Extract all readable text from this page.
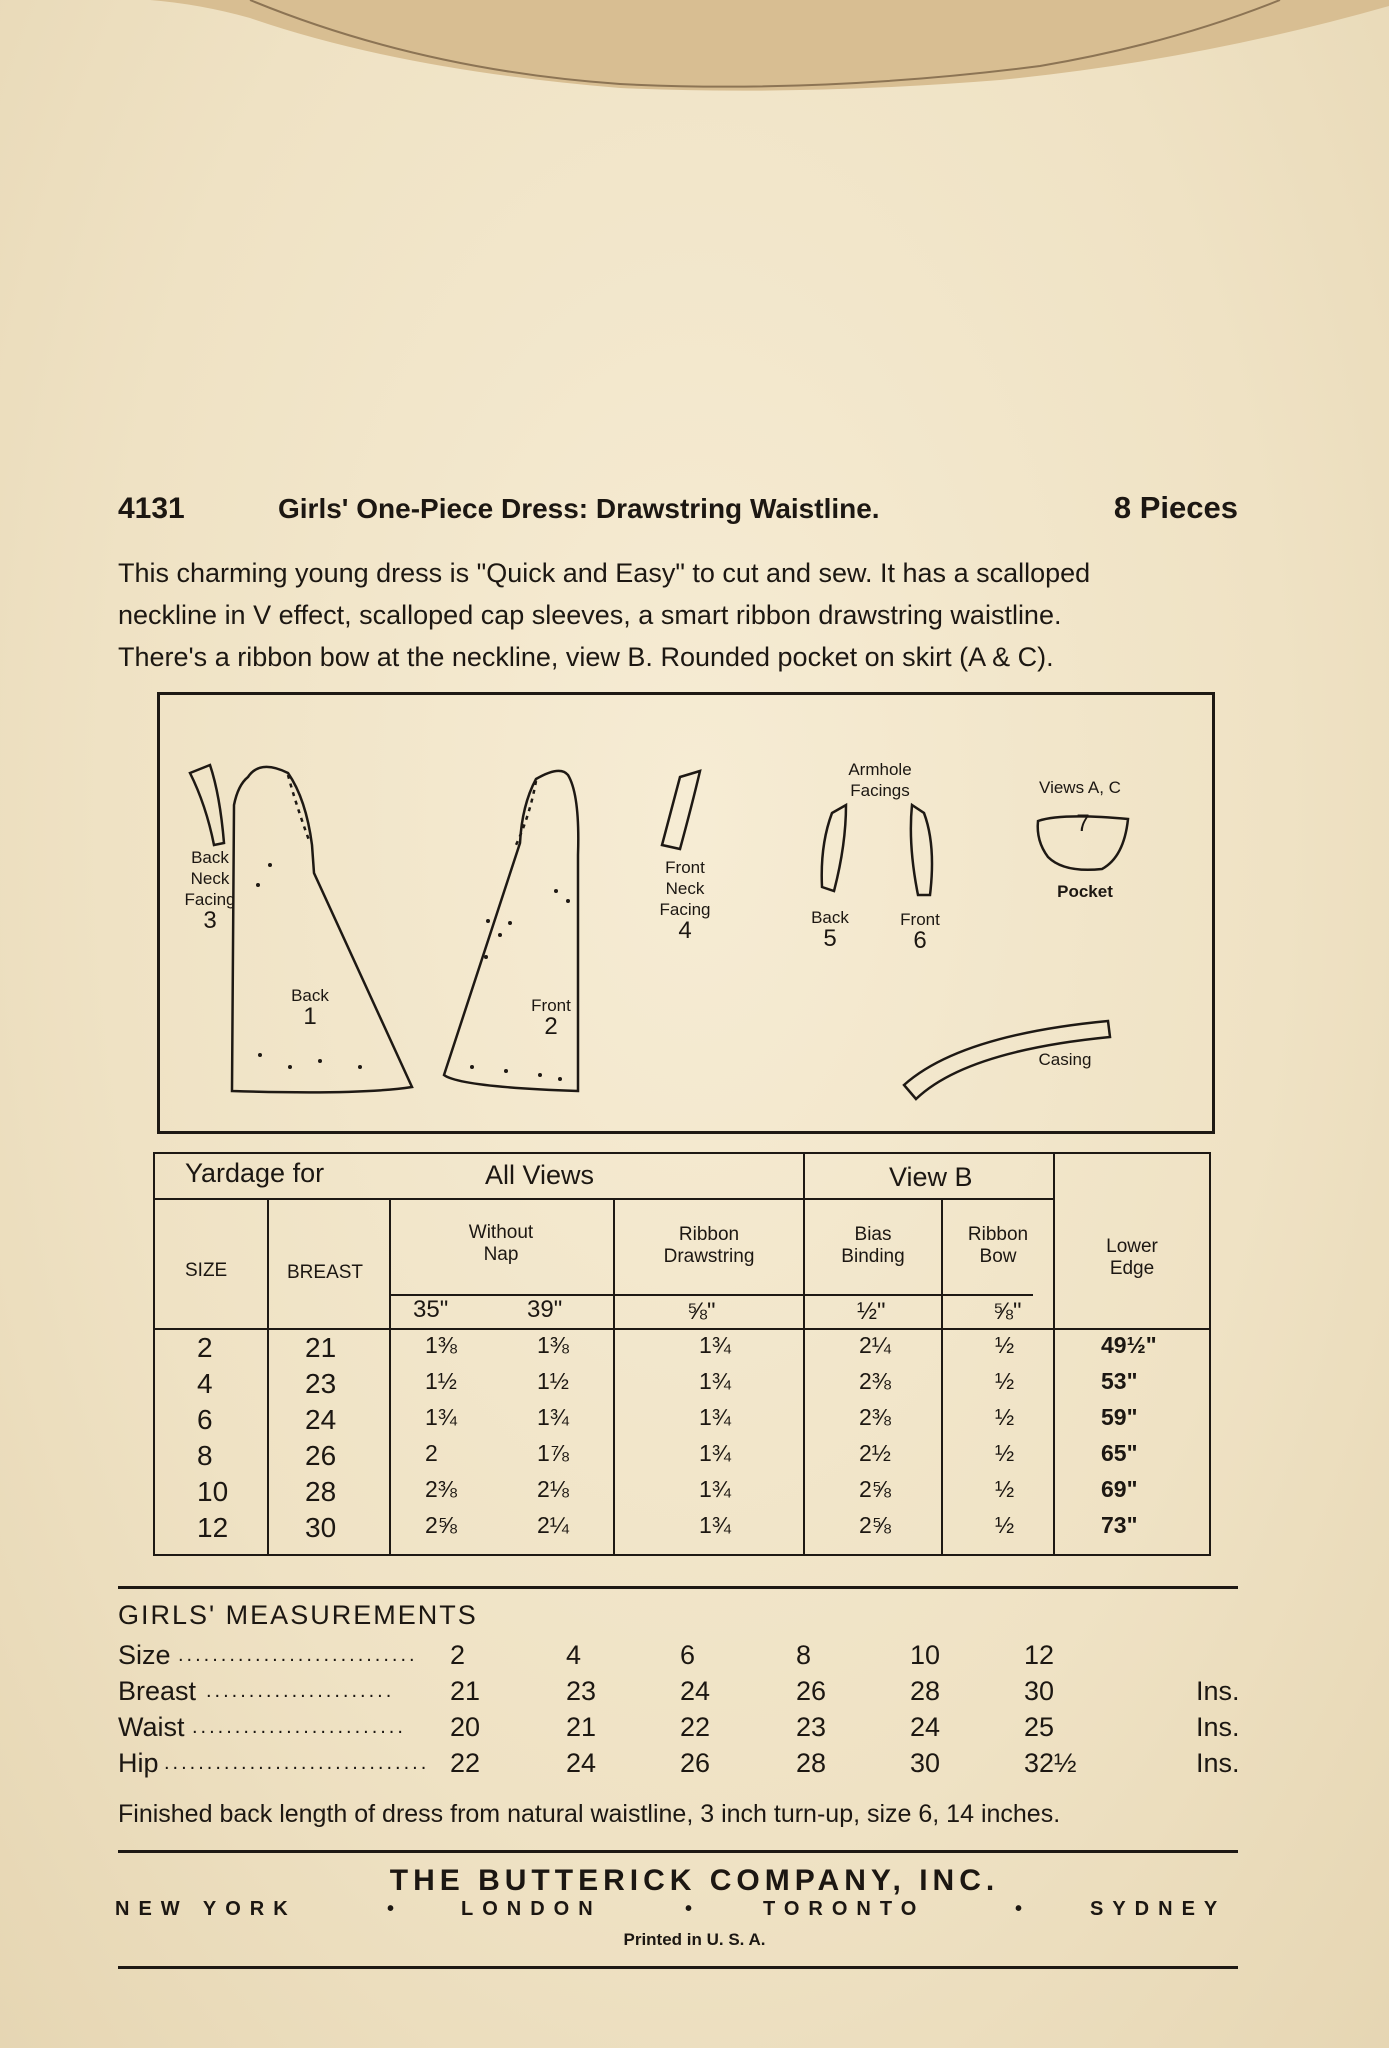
4131	Girls' One-Piece Dress: Drawstring Waistline.	8 Pieces

This charming young dress is "Quick and Easy" to cut and sew. It has a scalloped

neckline in V effect, scalloped cap sleeves, a smart ribbon drawstring waistline.

There's a ribbon bow at the neckline, view B. Rounded pocket on skirt (A & C).

Back
Neck
Facing
3
Back
1	Front
2
Front
Neck
Facing
4
Armhole
Facings
Back
5
Front
6
Views A, C
7
Pocket
Casing
Yardage for	All Views	View B
SIZE	BREAST
Without
Nap
Ribbon
Drawstring
Bias
Binding
Ribbon
Bow	Lower
Edge
35"	39"	⅝"	½"	⅝"
2	21	1⅜	1⅜	1¾	2¼	½	49½"
4	23	1½	1½	1¾	2⅜	½	53"
6	24	1¾	1¾	1¾	2⅜	½	59"
8	26	2	1⅞	1¾	2½	½	65"
10	28	2⅜	2⅛	1¾	2⅝	½	69"
12	30	2⅝	2¼	1¾	2⅝	½	73"
GIRLS' MEASUREMENTS
Size ............................ 2	4	6	8	10	12
Breast ...................... 21	23	24	26	28	30	Ins.
Waist ......................... 20	21	22	23	24	25	Ins.
Hip ............................... 22	24	26	28	30	32½	Ins.
Finished back length of dress from natural waistline, 3 inch turn-up, size 6, 14 inches.
THE BUTTERICK COMPANY, INC.
NEW YORK	•	LONDON	•	TORONTO	•	SYDNEY
Printed in U. S. A.
